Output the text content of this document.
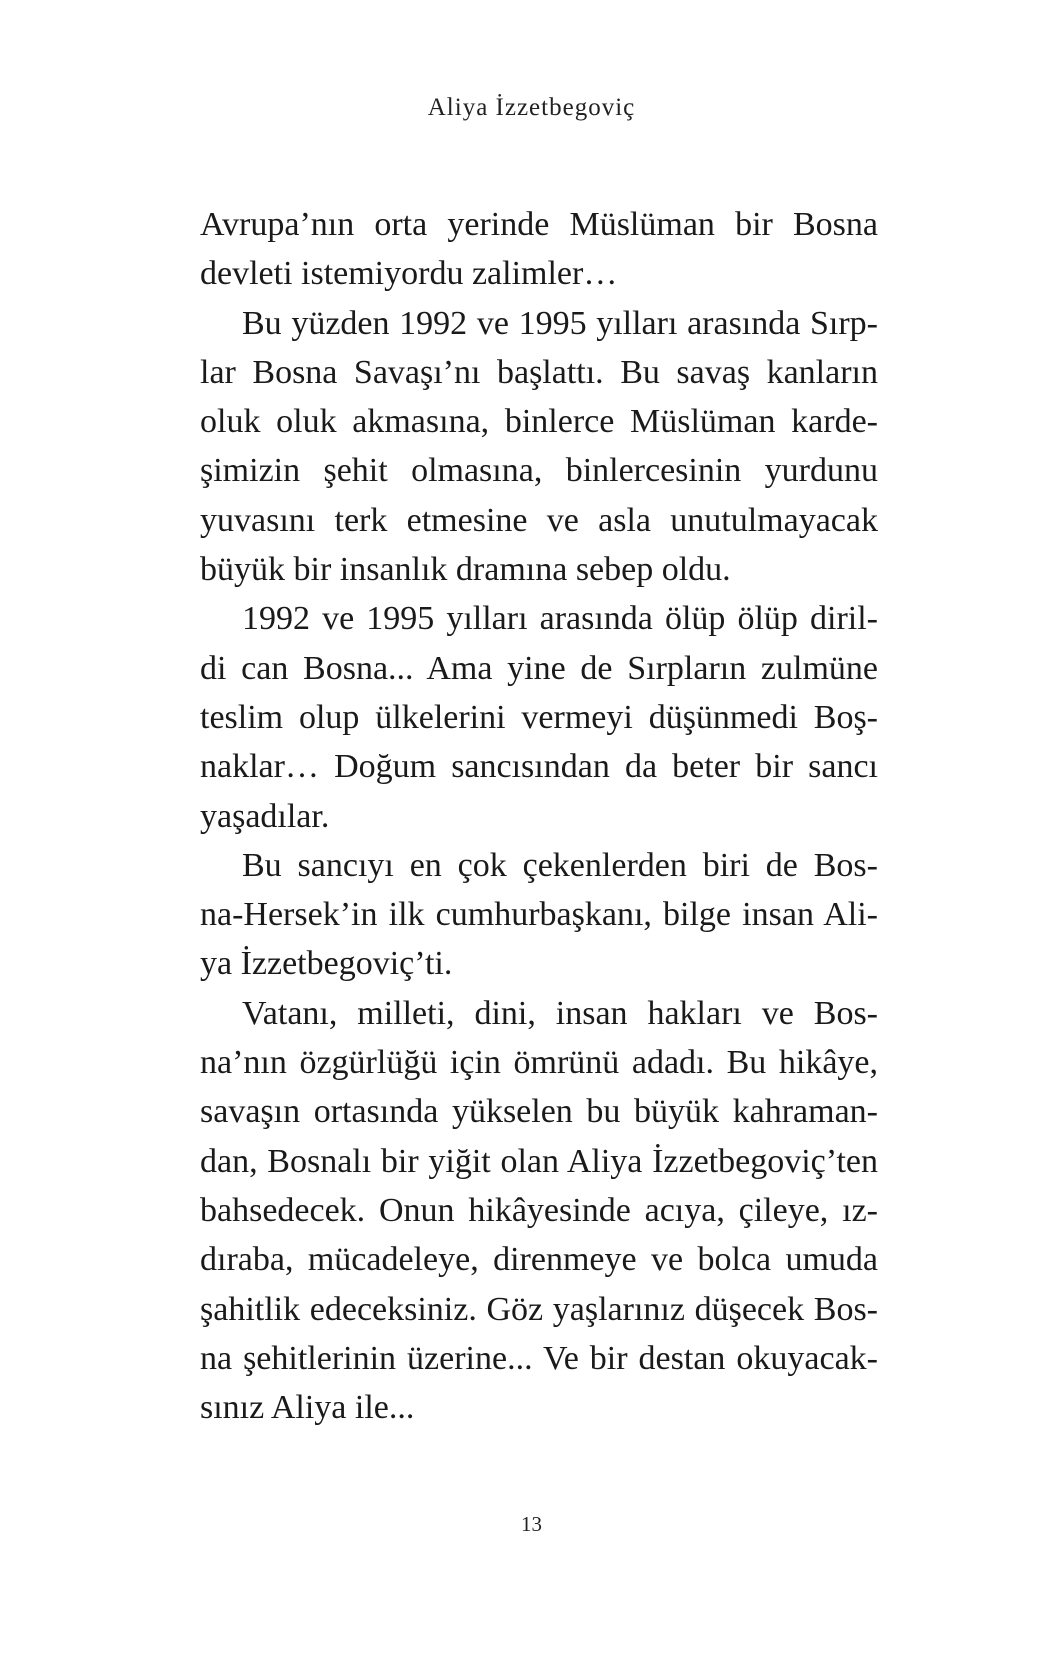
Aliya İzzetbegoviç
Avrupa’nın orta yerinde Müslüman bir Bosna
devleti istemiyordu zalimler…
Bu yüzden 1992 ve 1995 yılları arasında Sırp-
lar Bosna Savaşı’nı başlattı. Bu savaş kanların
oluk oluk akmasına, binlerce Müslüman karde-
şimizin şehit olmasına, binlercesinin yurdunu
yuvasını terk etmesine ve asla unutulmayacak
büyük bir insanlık dramına sebep oldu.
1992 ve 1995 yılları arasında ölüp ölüp diril-
di can Bosna... Ama yine de Sırpların zulmüne
teslim olup ülkelerini vermeyi düşünmedi Boş-
naklar… Doğum sancısından da beter bir sancı
yaşadılar.
Bu sancıyı en çok çekenlerden biri de Bos-
na-Hersek’in ilk cumhurbaşkanı, bilge insan Ali-
ya İzzetbegoviç’ti.
Vatanı, milleti, dini, insan hakları ve Bos-
na’nın özgürlüğü için ömrünü adadı. Bu hikâye,
savaşın ortasında yükselen bu büyük kahraman-
dan, Bosnalı bir yiğit olan Aliya İzzetbegoviç’ten
bahsedecek. Onun hikâyesinde acıya, çileye, ız-
dıraba, mücadeleye, direnmeye ve bolca umuda
şahitlik edeceksiniz. Göz yaşlarınız düşecek Bos-
na şehitlerinin üzerine... Ve bir destan okuyacak-
sınız Aliya ile...
13
